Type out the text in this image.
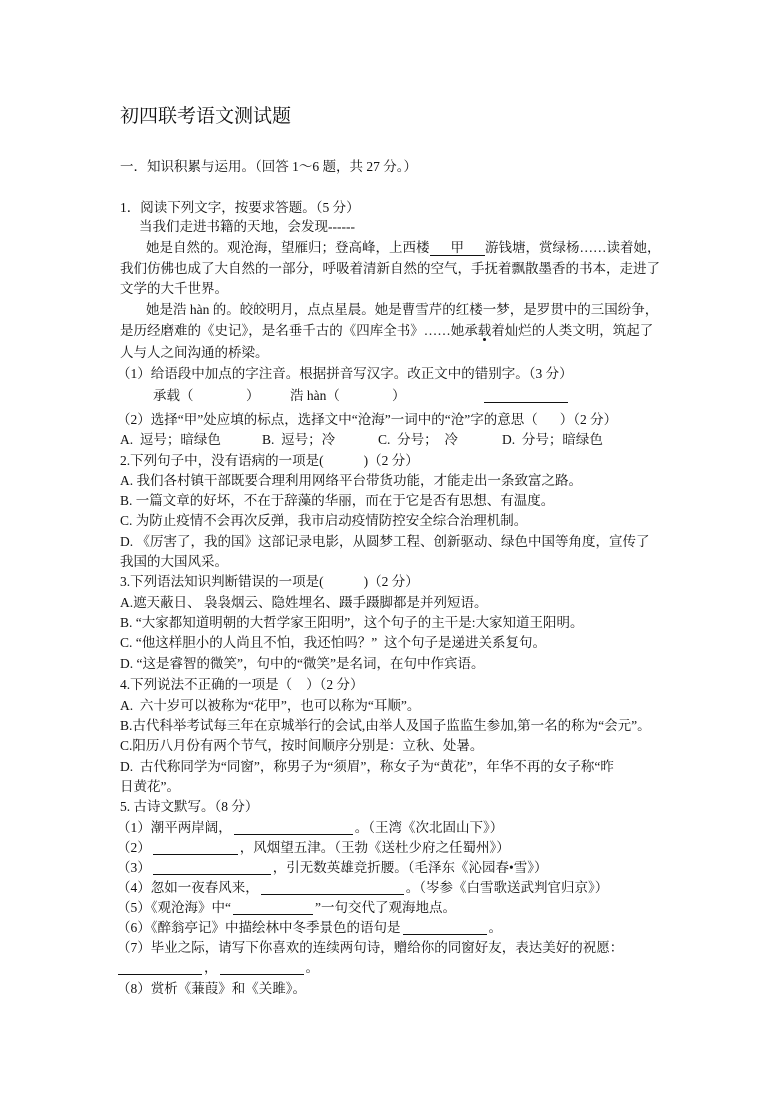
初四联考语文测试题
一．知识积累与运用。（回答 1～6 题，共 27 分。）
1．阅读下列文字，按要求答题。（5 分）
当我们走进书籍的天地，会发现------
她是自然的。观沧海，望雁归；登高峰，上西楼 甲 游钱塘，赏绿杨……读着她，
我们仿佛也成了大自然的一部分，呼吸着清新自然的空气，手抚着飘散墨香的书本，走进了
文学的大千世界。
她是浩 hàn 的。皎皎明月，点点星晨。她是曹雪芹的红楼一梦，是罗贯中的三国纷争，
是历经磨难的《史记》，是名垂千古的《四库全书》……她承载着灿烂的人类文明，筑起了
人与人之间沟通的桥梁。
（1）给语段中加点的字注音。根据拼音写汉字。改正文中的错别字。（3 分）
承载（	） 浩 hàn（	）
（2）选择“甲”处应填的标点，选择文中“沧海”一词中的“沧”字的意思（ ）（2 分）
A.  逗号；暗绿色	B.  逗号；冷	C.  分号；  冷	D.  分号；暗绿色
2.下列句子中，没有语病的一项是(	)（2 分）
A. 我们各村镇干部既要合理利用网络平台带货功能，才能走出一条致富之路。
B. 一篇文章的好坏，不在于辞藻的华丽，而在于它是否有思想、有温度。
C. 为防止疫情不会再次反弹，我市启动疫情防控安全综合治理机制。
D. 《厉害了，我的国》这部记录电影，从圆梦工程、创新驱动、绿色中国等角度，宣传了
我国的大国风采。
3.下列语法知识判断错误的一项是(	)（2 分）
A.遮天蔽日、 袅袅烟云、隐姓埋名、蹑手蹑脚都是并列短语。
B. “大家都知道明朝的大哲学家王阳明”，这个句子的主干是:大家知道王阳明。
C. “他这样胆小的人尚且不怕，我还怕吗？”  这个句子是递进关系复句。
D. “这是睿智的微笑”，句中的“微笑”是名词，在句中作宾语。
4.下列说法不正确的一项是（ ）（2 分）
A.  六十岁可以被称为“花甲”，也可以称为“耳顺”。
B.古代科举考试每三年在京城举行的会试,由举人及国子监监生参加,第一名的称为“会元”。
C.阳历八月份有两个节气，按时间顺序分别是：立秋、处暑。
D.  古代称同学为“同窗”，称男子为“须眉”，称女子为“黄花”，年华不再的女子称“昨
日黄花”。
5. 古诗文默写。（8 分）
（1）潮平两岸阔，	。（王湾《次北固山下》）
（2）	，风烟望五津。（王勃《送杜少府之任蜀州》）
（3）	，引无数英雄竞折腰。（毛泽东《沁园春•雪》）
（4）忽如一夜春风来，	。（岑参《白雪歌送武判官归京》）
（5）《观沧海》中“	”一句交代了观海地点。
（6）《醉翁亭记》中描绘林中冬季景色的语句是	。
（7）毕业之际，请写下你喜欢的连续两句诗，赠给你的同窗好友，表达美好的祝愿：
，	。
（8）赏析《蒹葭》和《关雎》。
